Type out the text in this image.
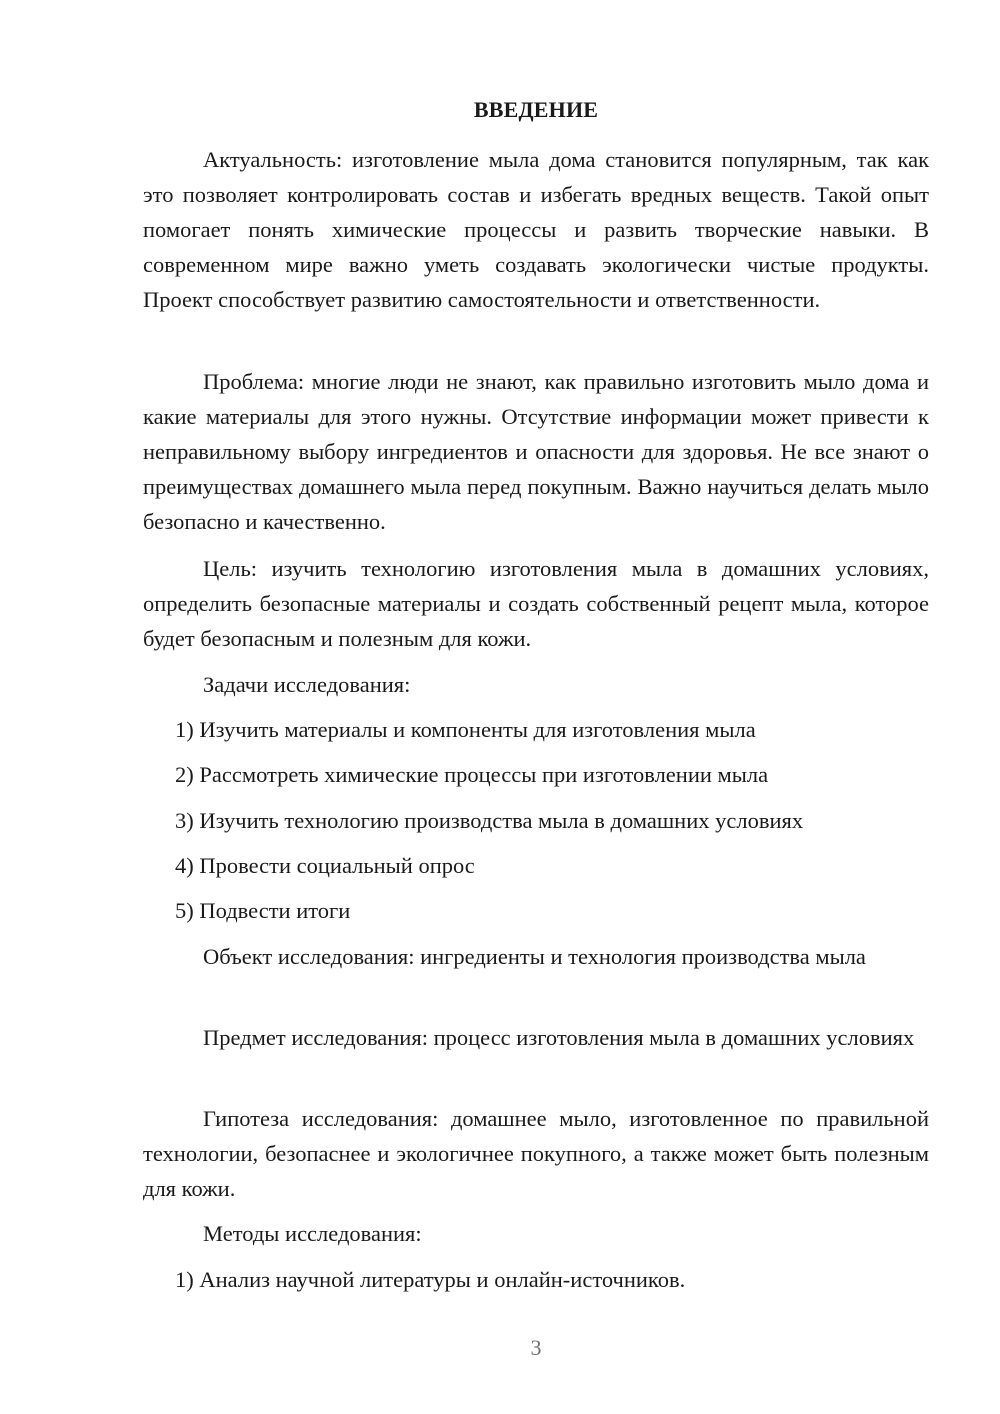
ВВЕДЕНИЕ

Актуальность: изготовление мыла дома становится популярным, так как это позволяет контролировать состав и избегать вредных веществ. Такой опыт помогает понять химические процессы и развить творческие навыки. В современном мире важно уметь создавать экологически чистые продукты. Проект способствует развитию самостоятельности и ответственности.

Проблема: многие люди не знают, как правильно изготовить мыло дома и какие материалы для этого нужны. Отсутствие информации может привести к неправильному выбору ингредиентов и опасности для здоровья. Не все знают о преимуществах домашнего мыла перед покупным. Важно научиться делать мыло безопасно и качественно.

Цель: изучить технологию изготовления мыла в домашних условиях, определить безопасные материалы и создать собственный рецепт мыла, которое будет безопасным и полезным для кожи.

Задачи исследования:
1) Изучить материалы и компоненты для изготовления мыла
2) Рассмотреть химические процессы при изготовлении мыла
3) Изучить технологию производства мыла в домашних условиях
4) Провести социальный опрос
5) Подвести итоги

Объект исследования: ингредиенты и технология производства мыла

Предмет исследования: процесс изготовления мыла в домашних условиях

Гипотеза исследования: домашнее мыло, изготовленное по правильной технологии, безопаснее и экологичнее покупного, а также может быть полезным для кожи.

Методы исследования:
1) Анализ научной литературы и онлайн-источников.
3
